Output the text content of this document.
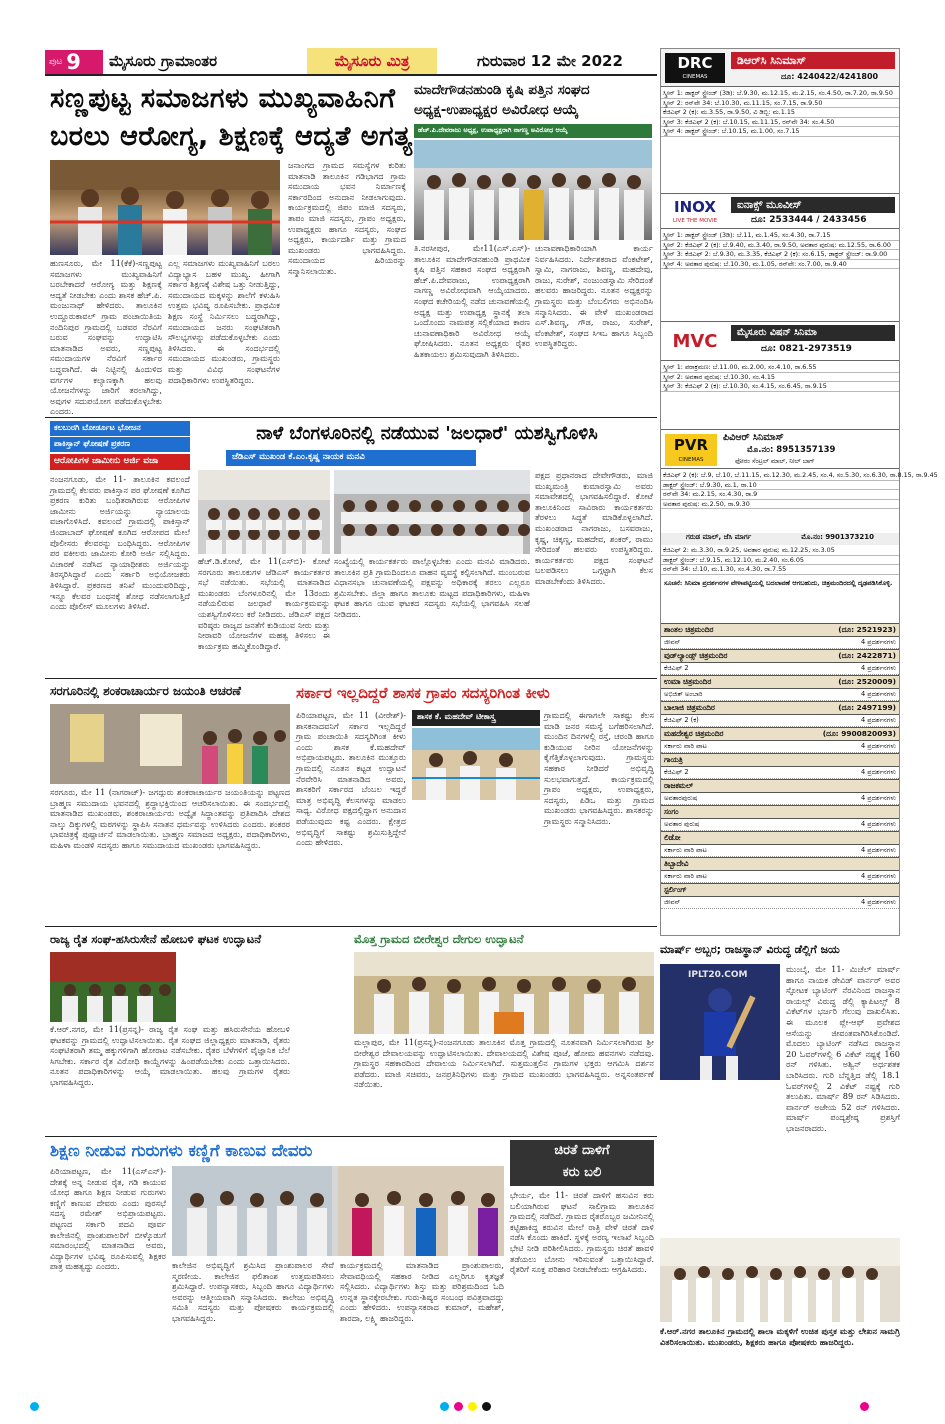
ಪುಟ 9 ಮೈಸೂರು ಗ್ರಾಮಾಂತರ	ಮೈಸೂರು ಮಿತ್ರ	ಗುರುವಾರ 12 ಮೇ 2022
ಸಣ್ಣಪುಟ್ಟ ಸಮಾಜಗಳು ಮುಖ್ಯವಾಹಿನಿಗೆ
ಬರಲು ಆರೋಗ್ಯ, ಶಿಕ್ಷಣಕ್ಕೆ ಆದ್ಯತೆ ಅಗತ್ಯ
ಹುಣಸೂರು, ಮೇ 11(ಕೆಕೆ)-ಸಣ್ಣಪುಟ್ಟ ಸಮಾಜಗಳು ಮುಖ್ಯವಾಹಿನಿಗೆ ಬರಬೇಕಾದರೆ ಆರೋಗ್ಯ ಮತ್ತು ಶಿಕ್ಷಣಕ್ಕೆ ಆದ್ಯತೆ ನೀಡಬೇಕು ಎಂದು ಶಾಸಕ ಹೆಚ್.ಪಿ. ಮಂಜುನಾಥ್ ಹೇಳಿದರು. ತಾಲೂಕಿನ ಉದ್ದೂರುಕಾವಲ್ ಗ್ರಾಮ ಪಂಚಾಯಿತಿಯ ನಂದಿನಿಪುರ ಗ್ರಾಮದಲ್ಲಿ ಬಡವರ ನೆರವಿಗೆ ಬರುವ ಸಂಘವನ್ನು ಉದ್ಘಾಟಿಸಿ ಮಾತನಾಡಿದ ಅವರು, ಸಣ್ಣಪುಟ್ಟ ಸಮುದಾಯಗಳ ನೆರವಿಗೆ ಸರ್ಕಾರ ಬದ್ಧವಾಗಿದೆ. ಈ ನಿಟ್ಟಿನಲ್ಲಿ ಹಿಂದುಳಿದ ವರ್ಗಗಳ ಕಲ್ಯಾಣಕ್ಕಾಗಿ ಹಲವು ಯೋಜನೆಗಳನ್ನು ಜಾರಿಗೆ ತರಲಾಗಿದ್ದು, ಅವುಗಳ ಸದುಪಯೋಗ ಪಡೆದುಕೊಳ್ಳಬೇಕು ಎಂದರು.
ಎಲ್ಲ ಸಮಾಜಗಳು ಮುಖ್ಯವಾಹಿನಿಗೆ ಬರಲು ವಿದ್ಯಾಭ್ಯಾಸ ಬಹಳ ಮುಖ್ಯ. ಹೀಗಾಗಿ ಸರ್ಕಾರ ಶಿಕ್ಷಣಕ್ಕೆ ವಿಶೇಷ ಒತ್ತು ನೀಡುತ್ತಿದ್ದು, ಸಮುದಾಯದ ಮಕ್ಕಳನ್ನು ಶಾಲೆಗೆ ಕಳುಹಿಸಿ ಉತ್ತಮ ಭವಿಷ್ಯ ರೂಪಿಸಬೇಕು. ಪ್ರಾಥಮಿಕ ಶಿಕ್ಷಣ ಸಂಸ್ಥೆ ನಿರ್ಮಿಸಲು ಬದ್ಧರಾಗಿದ್ದು, ಸಮುದಾಯದ ಜನರು ಸಂಘಟಿತರಾಗಿ ಸೌಲಭ್ಯಗಳನ್ನು ಪಡೆದುಕೊಳ್ಳಬೇಕು ಎಂದು ತಿಳಿಸಿದರು. ಈ ಸಂದರ್ಭದಲ್ಲಿ ಸಮುದಾಯದ ಮುಖಂಡರು, ಗ್ರಾಮಸ್ಥರು ಮತ್ತು ವಿವಿಧ ಸಂಘಟನೆಗಳ ಪದಾಧಿಕಾರಿಗಳು ಉಪಸ್ಥಿತರಿದ್ದರು.
ಜನಾಂಗದ ಗ್ರಾಮದ ಸಮಸ್ಯೆಗಳ ಕುರಿತು ಮಾತನಾಡಿ ತಾಲೂಕಿನ ಗಡಿಭಾಗದ ಗ್ರಾಮ ಸಮುದಾಯ ಭವನ ನಿರ್ಮಾಣಕ್ಕೆ ಸರ್ಕಾರದಿಂದ ಅನುದಾನ ನೀಡಲಾಗುವುದು. ಕಾರ್ಯಕ್ರಮದಲ್ಲಿ ಜಿಪಂ ಮಾಜಿ ಸದಸ್ಯರು, ತಾಪಂ ಮಾಜಿ ಸದಸ್ಯರು, ಗ್ರಾಪಂ ಅಧ್ಯಕ್ಷರು, ಉಪಾಧ್ಯಕ್ಷರು ಹಾಗೂ ಸದಸ್ಯರು, ಸಂಘದ ಅಧ್ಯಕ್ಷರು, ಕಾರ್ಯದರ್ಶಿ ಮತ್ತು ಗ್ರಾಮದ ಮುಖಂಡರು ಭಾಗವಹಿಸಿದ್ದರು. ಸಮುದಾಯದ ಹಿರಿಯರನ್ನು ಸನ್ಮಾನಿಸಲಾಯಿತು.
ಮಾದೇಗೌಡನಹುಂಡಿ ಕೃಷಿ ಪತ್ತಿನ ಸಂಘದ
ಅಧ್ಯಕ್ಷ-ಉಪಾಧ್ಯಕ್ಷರ ಅವಿರೋಧ ಆಯ್ಕೆ
ಹೆಚ್.ಪಿ.ದೇವರಾಜು ಅಧ್ಯಕ್ಷ, ಉಪಾಧ್ಯಕ್ಷರಾಗಿ ನಾಗಣ್ಣ ಅವಿರೋಧ ಆಯ್ಕೆ
ತಿ.ನರಸೀಪುರ, ಮೇ11(ಎಸ್.ಎಸ್)- ತಾಲೂಕಿನ ಮಾದೇಗೌಡನಹುಂಡಿ ಪ್ರಾಥಮಿಕ ಕೃಷಿ ಪತ್ತಿನ ಸಹಕಾರ ಸಂಘದ ಅಧ್ಯಕ್ಷರಾಗಿ ಹೆಚ್.ಪಿ.ದೇವರಾಜು, ಉಪಾಧ್ಯಕ್ಷರಾಗಿ ನಾಗಣ್ಣ ಅವಿರೋಧವಾಗಿ ಆಯ್ಕೆಯಾದರು. ಸಂಘದ ಕಚೇರಿಯಲ್ಲಿ ನಡೆದ ಚುನಾವಣೆಯಲ್ಲಿ ಅಧ್ಯಕ್ಷ ಮತ್ತು ಉಪಾಧ್ಯಕ್ಷ ಸ್ಥಾನಕ್ಕೆ ತಲಾ ಒಂದೊಂದು ನಾಮಪತ್ರ ಸಲ್ಲಿಕೆಯಾದ ಕಾರಣ ಚುನಾವಣಾಧಿಕಾರಿ ಅವಿರೋಧ ಆಯ್ಕೆ ಘೋಷಿಸಿದರು. ನೂತನ ಅಧ್ಯಕ್ಷರು ರೈತರ ಹಿತಕಾಯಲು ಶ್ರಮಿಸುವುದಾಗಿ ತಿಳಿಸಿದರು.
ಚುನಾವಣಾಧಿಕಾರಿಯಾಗಿ ಕಾರ್ಯ ನಿರ್ವಹಿಸಿದರು. ನಿರ್ದೇಶಕರಾದ ವೆಂಕಟೇಶ್, ಸ್ವಾಮಿ, ನಾಗರಾಜು, ಶಿವಣ್ಣ, ಮಹದೇವು, ರಾಜು, ಸುರೇಶ್, ನಂಜುಂಡಸ್ವಾಮಿ ಸೇರಿದಂತೆ ಹಲವರು ಹಾಜರಿದ್ದರು. ನೂತನ ಅಧ್ಯಕ್ಷರನ್ನು ಗ್ರಾಮಸ್ಥರು ಮತ್ತು ಬೆಂಬಲಿಗರು ಅಭಿನಂದಿಸಿ ಸನ್ಮಾನಿಸಿದರು. ಈ ವೇಳೆ ಮುಖಂಡರಾದ ಎಸ್.ಶಿವಣ್ಣ, ಗೌಡ, ರಾಜು, ಸುರೇಶ್, ವೆಂಕಟೇಶ್, ಸಂಘದ ಸಿಇಒ ಹಾಗೂ ಸಿಬ್ಬಂದಿ ಉಪಸ್ಥಿತರಿದ್ದರು.
ಕಲಬುರಗಿ ಬೋರ್ಡೂಟ ಭೋಜನ
ಪಾಕಿಸ್ತಾನ್ ಘೋಷಣೆ ಪ್ರಕರಣ
ಆರೋಪಿಗಳ ಜಾಮೀನು ಅರ್ಜಿ ವಜಾ
ನಂಜನಗೂಡು, ಮೇ 11- ತಾಲೂಕಿನ ಕವಲಂದೆ ಗ್ರಾಮದಲ್ಲಿ ಕೆಲವರು ಪಾಕಿಸ್ತಾನ ಪರ ಘೋಷಣೆ ಕೂಗಿದ ಪ್ರಕರಣ ಕುರಿತು ಬಂಧಿತರಾಗಿರುವ ಆರೋಪಿಗಳ ಜಾಮೀನು ಅರ್ಜಿಯನ್ನು ನ್ಯಾಯಾಲಯ ವಜಾಗೊಳಿಸಿದೆ. ಕವಲಂದೆ ಗ್ರಾಮದಲ್ಲಿ ಪಾಕಿಸ್ತಾನ್ ಜಿಂದಾಬಾದ್ ಘೋಷಣೆ ಕೂಗಿದ ಆರೋಪದ ಮೇಲೆ ಪೊಲೀಸರು ಕೆಲವರನ್ನು ಬಂಧಿಸಿದ್ದರು. ಆರೋಪಿಗಳ ಪರ ವಕೀಲರು ಜಾಮೀನು ಕೋರಿ ಅರ್ಜಿ ಸಲ್ಲಿಸಿದ್ದರು. ವಿಚಾರಣೆ ನಡೆಸಿದ ನ್ಯಾಯಾಧೀಶರು ಅರ್ಜಿಯನ್ನು ತಿರಸ್ಕರಿಸಿದ್ದಾರೆ ಎಂದು ಸರ್ಕಾರಿ ಅಭಿಯೋಜಕರು ತಿಳಿಸಿದ್ದಾರೆ. ಪ್ರಕರಣದ ತನಿಖೆ ಮುಂದುವರಿದಿದ್ದು, ಇನ್ನೂ ಕೆಲವರ ಬಂಧನಕ್ಕೆ ಶೋಧ ನಡೆಸಲಾಗುತ್ತಿದೆ ಎಂದು ಪೊಲೀಸ್ ಮೂಲಗಳು ತಿಳಿಸಿವೆ.
ನಾಳೆ ಬೆಂಗಳೂರಿನಲ್ಲಿ ನಡೆಯುವ 'ಜಲಧಾರೆ' ಯಶಸ್ವಿಗೊಳಿಸಿ
ಜೆಡಿಎಸ್ ಮುಖಂಡ ಕೆ.ಎಂ.ಕೃಷ್ಣ ನಾಯಕ ಮನವಿ
ಹೆಚ್.ಡಿ.ಕೋಟೆ, ಮೇ 11(ಎಸ್‌ಬಿ)- ಕೋಟೆ ಸರಗೂರು ತಾಲೂಕುಗಳ ಜೆಡಿಎಸ್ ಕಾರ್ಯಕರ್ತರ ಸಭೆ ನಡೆಯಿತು. ಸಭೆಯಲ್ಲಿ ಮಾತನಾಡಿದ ಮುಖಂಡರು ಬೆಂಗಳೂರಿನಲ್ಲಿ ಮೇ 13ರಂದು ನಡೆಯಲಿರುವ ಜಲಧಾರೆ ಕಾರ್ಯಕ್ರಮವನ್ನು ಯಶಸ್ವಿಗೊಳಿಸಲು ಕರೆ ನೀಡಿದರು. ಜೆಡಿಎಸ್ ಪಕ್ಷದ ವರಿಷ್ಠರು ರಾಜ್ಯದ ಜನತೆಗೆ ಕುಡಿಯುವ ನೀರು ಮತ್ತು ನೀರಾವರಿ ಯೋಜನೆಗಳ ಮಹತ್ವ ತಿಳಿಸಲು ಈ ಕಾರ್ಯಕ್ರಮ ಹಮ್ಮಿಕೊಂಡಿದ್ದಾರೆ.
ಸಂಖ್ಯೆಯಲ್ಲಿ ಕಾರ್ಯಕರ್ತರು ಪಾಲ್ಗೊಳ್ಳಬೇಕು ಎಂದು ಮನವಿ ಮಾಡಿದರು. ತಾಲೂಕಿನ ಪ್ರತಿ ಗ್ರಾಮದಿಂದಲೂ ವಾಹನ ವ್ಯವಸ್ಥೆ ಕಲ್ಪಿಸಲಾಗಿದೆ. ಮುಂಬರುವ ವಿಧಾನಸಭಾ ಚುನಾವಣೆಯಲ್ಲಿ ಪಕ್ಷವನ್ನು ಅಧಿಕಾರಕ್ಕೆ ತರಲು ಎಲ್ಲರೂ ಶ್ರಮಿಸಬೇಕು. ಜಿಲ್ಲಾ ಹಾಗೂ ತಾಲೂಕು ಮಟ್ಟದ ಪದಾಧಿಕಾರಿಗಳು, ಮಹಿಳಾ ಘಟಕ ಹಾಗೂ ಯುವ ಘಟಕದ ಸದಸ್ಯರು ಸಭೆಯಲ್ಲಿ ಭಾಗವಹಿಸಿ ಸಲಹೆ ನೀಡಿದರು.
ಪಕ್ಷದ ಪ್ರಧಾನರಾದ ದೇವೇಗೌಡರು, ಮಾಜಿ ಮುಖ್ಯಮಂತ್ರಿ ಕುಮಾರಸ್ವಾಮಿ ಅವರು ಸಮಾವೇಶದಲ್ಲಿ ಭಾಗವಹಿಸಲಿದ್ದಾರೆ. ಕೋಟೆ ತಾಲೂಕಿನಿಂದ ಸಾವಿರಾರು ಕಾರ್ಯಕರ್ತರು ತೆರಳಲು ಸಿದ್ಧತೆ ಮಾಡಿಕೊಳ್ಳಲಾಗಿದೆ. ಮುಖಂಡರಾದ ನಾಗರಾಜು, ಬಸವರಾಜು, ಕೃಷ್ಣ, ಚಿಕ್ಕಣ್ಣ, ಮಹದೇವ, ಶಂಕರ್, ರಾಮು ಸೇರಿದಂತೆ ಹಲವರು ಉಪಸ್ಥಿತರಿದ್ದರು. ಕಾರ್ಯಕರ್ತರು ಪಕ್ಷದ ಸಂಘಟನೆ ಬಲಪಡಿಸಲು ಒಗ್ಗಟ್ಟಾಗಿ ಕೆಲಸ ಮಾಡಬೇಕೆಂದು ತಿಳಿಸಿದರು.
ಸರಗೂರಿನಲ್ಲಿ ಶಂಕರಾಚಾರ್ಯರ ಜಯಂತಿ ಆಚರಣೆ
ಸರಗೂರು, ಮೇ 11 (ನಾಗರಾಜ್)- ಜಗದ್ಗುರು ಶಂಕರಾಚಾರ್ಯರ ಜಯಂತಿಯನ್ನು ಪಟ್ಟಣದ ಬ್ರಾಹ್ಮಣ ಸಮುದಾಯ ಭವನದಲ್ಲಿ ಶ್ರದ್ಧಾಭಕ್ತಿಯಿಂದ ಆಚರಿಸಲಾಯಿತು. ಈ ಸಂದರ್ಭದಲ್ಲಿ ಮಾತನಾಡಿದ ಮುಖಂಡರು, ಶಂಕರಾಚಾರ್ಯರು ಅದ್ವೈತ ಸಿದ್ಧಾಂತವನ್ನು ಪ್ರತಿಪಾದಿಸಿ ದೇಶದ ನಾಲ್ಕು ದಿಕ್ಕುಗಳಲ್ಲಿ ಮಠಗಳನ್ನು ಸ್ಥಾಪಿಸಿ ಸನಾತನ ಧರ್ಮವನ್ನು ಉಳಿಸಿದರು ಎಂದರು. ಶಂಕರರ ಭಾವಚಿತ್ರಕ್ಕೆ ಪುಷ್ಪಾರ್ಚನೆ ಮಾಡಲಾಯಿತು. ಬ್ರಾಹ್ಮಣ ಸಮಾಜದ ಅಧ್ಯಕ್ಷರು, ಪದಾಧಿಕಾರಿಗಳು, ಮಹಿಳಾ ಮಂಡಳಿ ಸದಸ್ಯರು ಹಾಗೂ ಸಮುದಾಯದ ಮುಖಂಡರು ಭಾಗವಹಿಸಿದ್ದರು.
ಸರ್ಕಾರ ಇಲ್ಲದಿದ್ದರೆ ಶಾಸಕ ಗ್ರಾಪಂ ಸದಸ್ಯರಿಗಿಂತ ಕೀಳು
ಪಿರಿಯಾಪಟ್ಟಣ, ಮೇ 11 (ವೀರೇಶ್)- ಶಾಸಕನಾದವನಿಗೆ ಸರ್ಕಾರ ಇಲ್ಲದಿದ್ದರೆ ಗ್ರಾಮ ಪಂಚಾಯಿತಿ ಸದಸ್ಯರಿಗಿಂತ ಕೀಳು ಎಂದು ಶಾಸಕ ಕೆ.ಮಹದೇವ್ ಅಭಿಪ್ರಾಯಪಟ್ಟರು. ತಾಲೂಕಿನ ಮುತ್ತೂರು ಗ್ರಾಮದಲ್ಲಿ ನೂತನ ಕಟ್ಟಡ ಉದ್ಘಾಟನೆ ನೆರವೇರಿಸಿ ಮಾತನಾಡಿದ ಅವರು, ಶಾಸಕರಿಗೆ ಸರ್ಕಾರದ ಬೆಂಬಲ ಇದ್ದರೆ ಮಾತ್ರ ಅಭಿವೃದ್ಧಿ ಕೆಲಸಗಳನ್ನು ಮಾಡಲು ಸಾಧ್ಯ. ವಿರೋಧ ಪಕ್ಷದಲ್ಲಿದ್ದಾಗ ಅನುದಾನ ಪಡೆಯುವುದು ಕಷ್ಟ ಎಂದರು. ಕ್ಷೇತ್ರದ ಅಭಿವೃದ್ಧಿಗೆ ಸಾಕಷ್ಟು ಶ್ರಮಿಸುತ್ತಿದ್ದೇನೆ ಎಂದು ಹೇಳಿದರು.
ಶಾಸಕ ಕೆ. ಮಹದೇವ್ ಟೀಕಾಸ್ತ್ರ	ಗ್ರಾಮದಲ್ಲಿ ಈಗಾಗಲೇ ಸಾಕಷ್ಟು ಕೆಲಸ ಮಾಡಿ ಜನರ ಸಮಸ್ಯೆ ಬಗೆಹರಿಸಲಾಗಿದೆ. ಮುಂದಿನ ದಿನಗಳಲ್ಲಿ ರಸ್ತೆ, ಚರಂಡಿ ಹಾಗೂ ಕುಡಿಯುವ ನೀರಿನ ಯೋಜನೆಗಳನ್ನು ಕೈಗೆತ್ತಿಕೊಳ್ಳಲಾಗುವುದು. ಗ್ರಾಮಸ್ಥರು ಸಹಕಾರ ನೀಡಿದರೆ ಅಭಿವೃದ್ಧಿ ಸುಲಭವಾಗುತ್ತದೆ. ಕಾರ್ಯಕ್ರಮದಲ್ಲಿ ಗ್ರಾಪಂ ಅಧ್ಯಕ್ಷರು, ಉಪಾಧ್ಯಕ್ಷರು, ಸದಸ್ಯರು, ಪಿಡಿಒ ಮತ್ತು ಗ್ರಾಮದ ಮುಖಂಡರು ಭಾಗವಹಿಸಿದ್ದರು. ಶಾಸಕರನ್ನು ಗ್ರಾಮಸ್ಥರು ಸನ್ಮಾನಿಸಿದರು.
ರಾಜ್ಯ ರೈತ ಸಂಘ-ಹಸಿರುಸೇನೆ ಹೋಬಳಿ ಘಟಕ ಉದ್ಘಾಟನೆ
ಕೆ.ಆರ್.ನಗರ, ಮೇ 11(ಪ್ರಸನ್ನ)- ರಾಜ್ಯ ರೈತ ಸಂಘ ಮತ್ತು ಹಸಿರುಸೇನೆಯ ಹೋಬಳಿ ಘಟಕವನ್ನು ಗ್ರಾಮದಲ್ಲಿ ಉದ್ಘಾಟಿಸಲಾಯಿತು. ರೈತ ಸಂಘದ ಜಿಲ್ಲಾಧ್ಯಕ್ಷರು ಮಾತನಾಡಿ, ರೈತರು ಸಂಘಟಿತರಾಗಿ ತಮ್ಮ ಹಕ್ಕುಗಳಿಗಾಗಿ ಹೋರಾಟ ನಡೆಸಬೇಕು. ರೈತರ ಬೆಳೆಗಳಿಗೆ ವೈಜ್ಞಾನಿಕ ಬೆಲೆ ಸಿಗಬೇಕು. ಸರ್ಕಾರ ರೈತ ವಿರೋಧಿ ಕಾಯ್ದೆಗಳನ್ನು ಹಿಂಪಡೆಯಬೇಕು ಎಂದು ಒತ್ತಾಯಿಸಿದರು. ನೂತನ ಪದಾಧಿಕಾರಿಗಳನ್ನು ಆಯ್ಕೆ ಮಾಡಲಾಯಿತು. ಹಲವು ಗ್ರಾಮಗಳ ರೈತರು ಭಾಗವಹಿಸಿದ್ದರು.
ಮೊತ್ತ ಗ್ರಾಮದ ಬೀರೇಶ್ವರ ದೇಗುಲ ಉದ್ಘಾಟನೆ
ಮಲ್ಲಾಪುರ, ಮೇ 11(ಪ್ರಸನ್ನ)-ನಂಜನಗೂಡು ತಾಲೂಕಿನ ಮೊತ್ತ ಗ್ರಾಮದಲ್ಲಿ ನೂತನವಾಗಿ ನಿರ್ಮಿಸಲಾಗಿರುವ ಶ್ರೀ ಬೀರೇಶ್ವರ ದೇವಾಲಯವನ್ನು ಉದ್ಘಾಟಿಸಲಾಯಿತು. ದೇವಾಲಯದಲ್ಲಿ ವಿಶೇಷ ಪೂಜೆ, ಹೋಮ ಹವನಗಳು ನಡೆದವು. ಗ್ರಾಮಸ್ಥರ ಸಹಕಾರದಿಂದ ದೇವಾಲಯ ನಿರ್ಮಿಸಲಾಗಿದೆ. ಸುತ್ತಮುತ್ತಲಿನ ಗ್ರಾಮಗಳ ಭಕ್ತರು ಆಗಮಿಸಿ ದರ್ಶನ ಪಡೆದರು. ಮಾಜಿ ಸಚಿವರು, ಜನಪ್ರತಿನಿಧಿಗಳು ಮತ್ತು ಗ್ರಾಮದ ಮುಖಂಡರು ಭಾಗವಹಿಸಿದ್ದರು. ಅನ್ನಸಂತರ್ಪಣೆ ನಡೆಯಿತು.
ಶಿಕ್ಷಣ ನೀಡುವ ಗುರುಗಳು ಕಣ್ಣಿಗೆ ಕಾಣುವ ದೇವರು
ಪಿರಿಯಾಪಟ್ಟಣ, ಮೇ 11(ಎಸ್‌ಎನ್)- ದೇಶಕ್ಕೆ ಅನ್ನ ನೀಡುವ ರೈತ, ಗಡಿ ಕಾಯುವ ಯೋಧ ಹಾಗೂ ಶಿಕ್ಷಣ ನೀಡುವ ಗುರುಗಳು ಕಣ್ಣಿಗೆ ಕಾಣುವ ದೇವರು ಎಂದು ಪುರಸಭೆ ಸದಸ್ಯ ರಮೇಶ್ ಅಭಿಪ್ರಾಯಪಟ್ಟರು. ಪಟ್ಟಣದ ಸರ್ಕಾರಿ ಪದವಿ ಪೂರ್ವ ಕಾಲೇಜಿನಲ್ಲಿ ಪ್ರಾಂಶುಪಾಲರಿಗೆ ಬೀಳ್ಕೊಡುಗೆ ಸಮಾರಂಭದಲ್ಲಿ ಮಾತನಾಡಿದ ಅವರು, ವಿದ್ಯಾರ್ಥಿಗಳ ಭವಿಷ್ಯ ರೂಪಿಸುವಲ್ಲಿ ಶಿಕ್ಷಕರ ಪಾತ್ರ ಮಹತ್ವದ್ದು ಎಂದರು.	ಕಾಲೇಜಿನ ಅಭಿವೃದ್ಧಿಗೆ ಶ್ರಮಿಸಿದ ಪ್ರಾಂಶುಪಾಲರ ಸೇವೆ ಸ್ಮರಣೀಯ. ಕಾಲೇಜಿನ ಫಲಿತಾಂಶ ಉತ್ತಮಪಡಿಸಲು ಶ್ರಮಿಸಿದ್ದಾರೆ. ಉಪನ್ಯಾಸಕರು, ಸಿಬ್ಬಂದಿ ಹಾಗೂ ವಿದ್ಯಾರ್ಥಿಗಳು ಅವರನ್ನು ಆತ್ಮೀಯವಾಗಿ ಸನ್ಮಾನಿಸಿದರು. ಕಾಲೇಜು ಅಭಿವೃದ್ಧಿ ಸಮಿತಿ ಸದಸ್ಯರು ಮತ್ತು ಪೋಷಕರು ಕಾರ್ಯಕ್ರಮದಲ್ಲಿ ಭಾಗವಹಿಸಿದ್ದರು.
ಕಾರ್ಯಕ್ರಮದಲ್ಲಿ ಮಾತನಾಡಿದ ಪ್ರಾಂಶುಪಾಲರು, ಸೇವಾವಧಿಯಲ್ಲಿ ಸಹಕಾರ ನೀಡಿದ ಎಲ್ಲರಿಗೂ ಕೃತಜ್ಞತೆ ಸಲ್ಲಿಸಿದರು. ವಿದ್ಯಾರ್ಥಿಗಳು ಶಿಸ್ತು ಮತ್ತು ಪರಿಶ್ರಮದಿಂದ ಓದಿ ಉನ್ನತ ಸ್ಥಾನಕ್ಕೇರಬೇಕು. ಗುರು-ಶಿಷ್ಯರ ಸಂಬಂಧ ಪವಿತ್ರವಾದದ್ದು ಎಂದು ಹೇಳಿದರು. ಉಪನ್ಯಾಸಕರಾದ ಕುಮಾರ್, ಮಹೇಶ್, ಶಾರದಾ, ಲಕ್ಷ್ಮಿ ಹಾಜರಿದ್ದರು.
ಚಿರತೆ ದಾಳಿಗೆ
ಕರು ಬಲಿ
ಭೇರ್ಯ, ಮೇ 11- ಚಿರತೆ ದಾಳಿಗೆ ಹಸುವಿನ ಕರು ಬಲಿಯಾಗಿರುವ ಘಟನೆ ಸಾಲಿಗ್ರಾಮ ತಾಲೂಕಿನ ಗ್ರಾಮದಲ್ಲಿ ನಡೆದಿದೆ. ಗ್ರಾಮದ ರೈತರೊಬ್ಬರ ಜಮೀನಿನಲ್ಲಿ ಕಟ್ಟಿಹಾಕಿದ್ದ ಕರುವಿನ ಮೇಲೆ ರಾತ್ರಿ ವೇಳೆ ಚಿರತೆ ದಾಳಿ ನಡೆಸಿ ಕೊಂದು ಹಾಕಿದೆ. ಸ್ಥಳಕ್ಕೆ ಅರಣ್ಯ ಇಲಾಖೆ ಸಿಬ್ಬಂದಿ ಭೇಟಿ ನೀಡಿ ಪರಿಶೀಲಿಸಿದರು. ಗ್ರಾಮಸ್ಥರು ಚಿರತೆ ಹಾವಳಿ ತಡೆಯಲು ಬೋನು ಇರಿಸುವಂತೆ ಒತ್ತಾಯಿಸಿದ್ದಾರೆ. ರೈತರಿಗೆ ಸೂಕ್ತ ಪರಿಹಾರ ನೀಡಬೇಕೆಂದು ಆಗ್ರಹಿಸಿದರು.
ಮಾರ್ಷ್ ಅಬ್ಬರ; ರಾಜಸ್ಥಾನ್ ವಿರುದ್ಧ ಡೆಲ್ಲಿಗೆ ಜಯ
IPLT20.COM
ಮುಂಬೈ, ಮೇ 11- ಮಿಚೆಲ್ ಮಾರ್ಷ್ ಹಾಗೂ ನಾಯಕ ಡೇವಿಡ್ ವಾರ್ನರ್ ಅವರ ಸ್ಫೋಟಕ ಬ್ಯಾಟಿಂಗ್ ನೆರವಿನಿಂದ ರಾಜಸ್ಥಾನ ರಾಯಲ್ಸ್ ವಿರುದ್ಧ ಡೆಲ್ಲಿ ಕ್ಯಾಪಿಟಲ್ಸ್ 8 ವಿಕೆಟ್‌ಗಳ ಭರ್ಜರಿ ಗೆಲುವು ದಾಖಲಿಸಿತು. ಈ ಮೂಲಕ ಪ್ಲೇ-ಆಫ್ ಪ್ರವೇಶದ ಆಸೆಯನ್ನು ಜೀವಂತವಾಗಿರಿಸಿಕೊಂಡಿದೆ. ಮೊದಲು ಬ್ಯಾಟಿಂಗ್ ನಡೆಸಿದ ರಾಜಸ್ಥಾನ 20 ಓವರ್‌ಗಳಲ್ಲಿ 6 ವಿಕೆಟ್ ನಷ್ಟಕ್ಕೆ 160 ರನ್ ಗಳಿಸಿತು. ಅಶ್ವಿನ್ ಅರ್ಧಶತಕ ಬಾರಿಸಿದರು. ಗುರಿ ಬೆನ್ನತ್ತಿದ ಡೆಲ್ಲಿ 18.1 ಓವರ್‌ಗಳಲ್ಲಿ 2 ವಿಕೆಟ್ ನಷ್ಟಕ್ಕೆ ಗುರಿ ತಲುಪಿತು. ಮಾರ್ಷ್ 89 ರನ್ ಸಿಡಿಸಿದರು. ವಾರ್ನರ್ ಅಜೇಯ 52 ರನ್ ಗಳಿಸಿದರು. ಮಾರ್ಷ್ ಪಂದ್ಯಶ್ರೇಷ್ಠ ಪ್ರಶಸ್ತಿಗೆ ಭಾಜನರಾದರು.
ಕೆ.ಆರ್.ನಗರ ತಾಲೂಕಿನ ಗ್ರಾಮದಲ್ಲಿ ಶಾಲಾ ಮಕ್ಕಳಿಗೆ ಉಚಿತ ಪುಸ್ತಕ ಮತ್ತು ಲೇಖನ ಸಾಮಗ್ರಿ ವಿತರಿಸಲಾಯಿತು. ಮುಖಂಡರು, ಶಿಕ್ಷಕರು ಹಾಗೂ ಪೋಷಕರು ಹಾಜರಿದ್ದರು.
DRC
CINEMAS
ಡಿಆರ್‌ಸಿ ಸಿನಿಮಾಸ್
ದೂ: 4240422/4241800
ಸ್ಕ್ರೀನ್ 1: ಡಾಕ್ಟರ್ ಸ್ಟ್ರೇಂಜ್ (3ಡಿ): ಬೆ.9.30, ಮ.12.15, ಮ.2.15, ಸಂ.4.50, ರಾ.7.20, ರಾ.9.50
ಸ್ಕ್ರೀನ್ 2: ರನ್‌ವೇ 34: ಬೆ.10.30, ಮ.11.15, ಸಂ.7.15, ರಾ.9.50
ಕೆಜಿಎಫ್ 2 (ಕ): ಮ.3.55, ರಾ.9.50, ವಿ ಡಿಬ್ಬಿ: ಮ.1.15
ಸ್ಕ್ರೀನ್ 3: ಕೆಜಿಎಫ್ 2 (ಕ): ಬೆ.10.15, ಮ.11.15, ರನ್‌ವೇ 34: ಸಂ.4.50
ಸ್ಕ್ರೀನ್ 4: ಡಾಕ್ಟರ್ ಸ್ಟ್ರೇಂಜ್: ಬೆ.10.15, ಮ.1.00, ಸಂ.7.15
INOX
LIVE THE MOVIE
ಐನಾಕ್ಸ್ ಮೂವೀಸ್
ದೂ: 2533444 / 2433456
ಸ್ಕ್ರೀನ್ 1: ಡಾಕ್ಟರ್ ಸ್ಟ್ರೇಂಜ್ (3ಡಿ): ಬೆ.11, ಮ.1.45, ಸಂ.4.30, ರಾ.7.15
ಸ್ಕ್ರೀನ್ 2: ಕೆಜಿಎಫ್ 2 (ಕ): ಬೆ.9.40, ಮ.3.40, ರಾ.9.50, ಅವತಾರ ಪುರುಷ: ಮ.12.55, ರಾ.6.00
ಸ್ಕ್ರೀನ್ 3: ಕೆಜಿಎಫ್ 2: ಬೆ.9.30, ಮ.3.35, ಕೆಜಿಎಫ್ 2 (ಕ): ಸಂ.6.15, ಡಾಕ್ಟರ್ ಸ್ಟ್ರೇಂಜ್: ರಾ.9.00
ಸ್ಕ್ರೀನ್ 4: ಅವತಾರ ಪುರುಷ: ಬೆ.10.30, ಮ.1.05, ರನ್‌ವೇ: ಸಂ.7.00, ರಾ.9.40
MVC	ಮೈಸೂರು ವಿಷನ್ ಸಿನಿಮಾ
ದೂ: 0821-2973519
ಸ್ಕ್ರೀನ್ 1: ಪರಾಕ್ರಮಣ: ಬೆ.11.00, ಮ.2.00, ಸಂ.4.10, ರಾ.6.55
ಸ್ಕ್ರೀನ್ 2: ಅವತಾರ ಪುರುಷ: ಬೆ.10.30, ಸಂ.4.15
ಸ್ಕ್ರೀನ್ 3: ಕೆಜಿಎಫ್ 2 (ಕ): ಬೆ.10.30, ಸಂ.4.15, ಸಂ.6.45, ರಾ.9.15
PVR
CINEMAS
ಪಿವಿಆರ್ ಸಿನಿಮಾಸ್
ಮೊ.ನಂ: 8951357139
ಫೋರಂ ಸೆಂಟ್ರಲ್ ಮಾಲ್, ನೀಲ್ ಬಾಗ್
ಕೆಜಿಎಫ್ 2 (ಕ): ಬೆ.9, ಬೆ.10, ಬೆ.11.15, ಮ.12.30, ಮ.2.45, ಸಂ.4, ಸಂ.5.30, ಸಂ.6.30, ರಾ.8.15, ರಾ.9.45
ಡಾಕ್ಟರ್ ಸ್ಟ್ರೇಂಜ್: ಬೆ.9.30, ಮ.1, ರಾ.10
ರನ್‌ವೇ 34: ಮ.2.15, ಸಂ.4.30, ರಾ.9
ಅವತಾರ ಪುರುಷ: ಮ.2.50, ರಾ.9.30
ಗರುಡ ಮಾಲ್, ಜೆಸಿ ಮಾರ್ಗ	ಮೊ.ನಂ: 9901373210
ಕೆಜಿಎಫ್ 2: ಮ.3.30, ರಾ.9.25, ಅವತಾರ ಪುರುಷ: ಮ.12.25, ಸಂ.3.05
ಡಾಕ್ಟರ್ ಸ್ಟ್ರೇಂಜ್: ಬೆ.9.15, ಮ.12.10, ಮ.2.40, ಸಂ.6.05
ರನ್‌ವೇ 34: ಬೆ.10, ಮ.1.30, ಸಂ.4.30, ರಾ.7.55
ಸೂಚನೆ: ಸಿನಿಮಾ ಪ್ರದರ್ಶನಗಳ ವೇಳಾಪಟ್ಟಿಯಲ್ಲಿ ಬದಲಾವಣೆ ಆಗಬಹುದು, ಚಿತ್ರಮಂದಿರದಲ್ಲಿ ದೃಢಪಡಿಸಿಕೊಳ್ಳಿ.
ಶಾಂತಲ ಚಿತ್ರಮಂದಿರ	(ದೂ: 2521923)
ಜೀವನ್	4 ಪ್ರದರ್ಶನಗಳು
ವುಡ್‌ಲ್ಯಾಂಡ್ಸ್ ಚಿತ್ರಮಂದಿರ	(ದೂ: 2422871)
ಕೆಜಿಎಫ್ 2	4 ಪ್ರದರ್ಶನಗಳು
ಉಮಾ ಚಿತ್ರಮಂದಿರ	(ದೂ: 2520009)
ಅಭಿಜಿತ್ ಅಂಬಾರಿ	4 ಪ್ರದರ್ಶನಗಳು
ಬಾಲಾಜಿ ಚಿತ್ರಮಂದಿರ	(ದೂ: 2497199)
ಕೆಜಿಎಫ್ 2 (ಕ)	4 ಪ್ರದರ್ಶನಗಳು
ಮಹದೇಶ್ವರ ಚಿತ್ರಮಂದಿರ	(ದೂ: 9900820093)
ಸರ್ಕಾರು ವಾರಿ ಪಾಟ	4 ಪ್ರದರ್ಶನಗಳು
ಗಾಯತ್ರಿ
ಕೆಜಿಎಫ್ 2	4 ಪ್ರದರ್ಶನಗಳು
ರಾಜಕಮಲ್
ಅವತಾರಪುರುಷ	4 ಪ್ರದರ್ಶನಗಳು
ಸಂಗಂ
ಅವತಾರ ಪುರುಷ	4 ಪ್ರದರ್ಶನಗಳು
ಲಿಡೋ
ಸರ್ಕಾರು ವಾರಿ ಪಾಟ	4 ಪ್ರದರ್ಶನಗಳು
ತಿಬ್ಬಾದೇವಿ
ಸರ್ಕಾರು ವಾರಿ ಪಾಟ	4 ಪ್ರದರ್ಶನಗಳು
ಸ್ಟರ್ಲಿಂಗ್
ಜೀವನ್	4 ಪ್ರದರ್ಶನಗಳು
